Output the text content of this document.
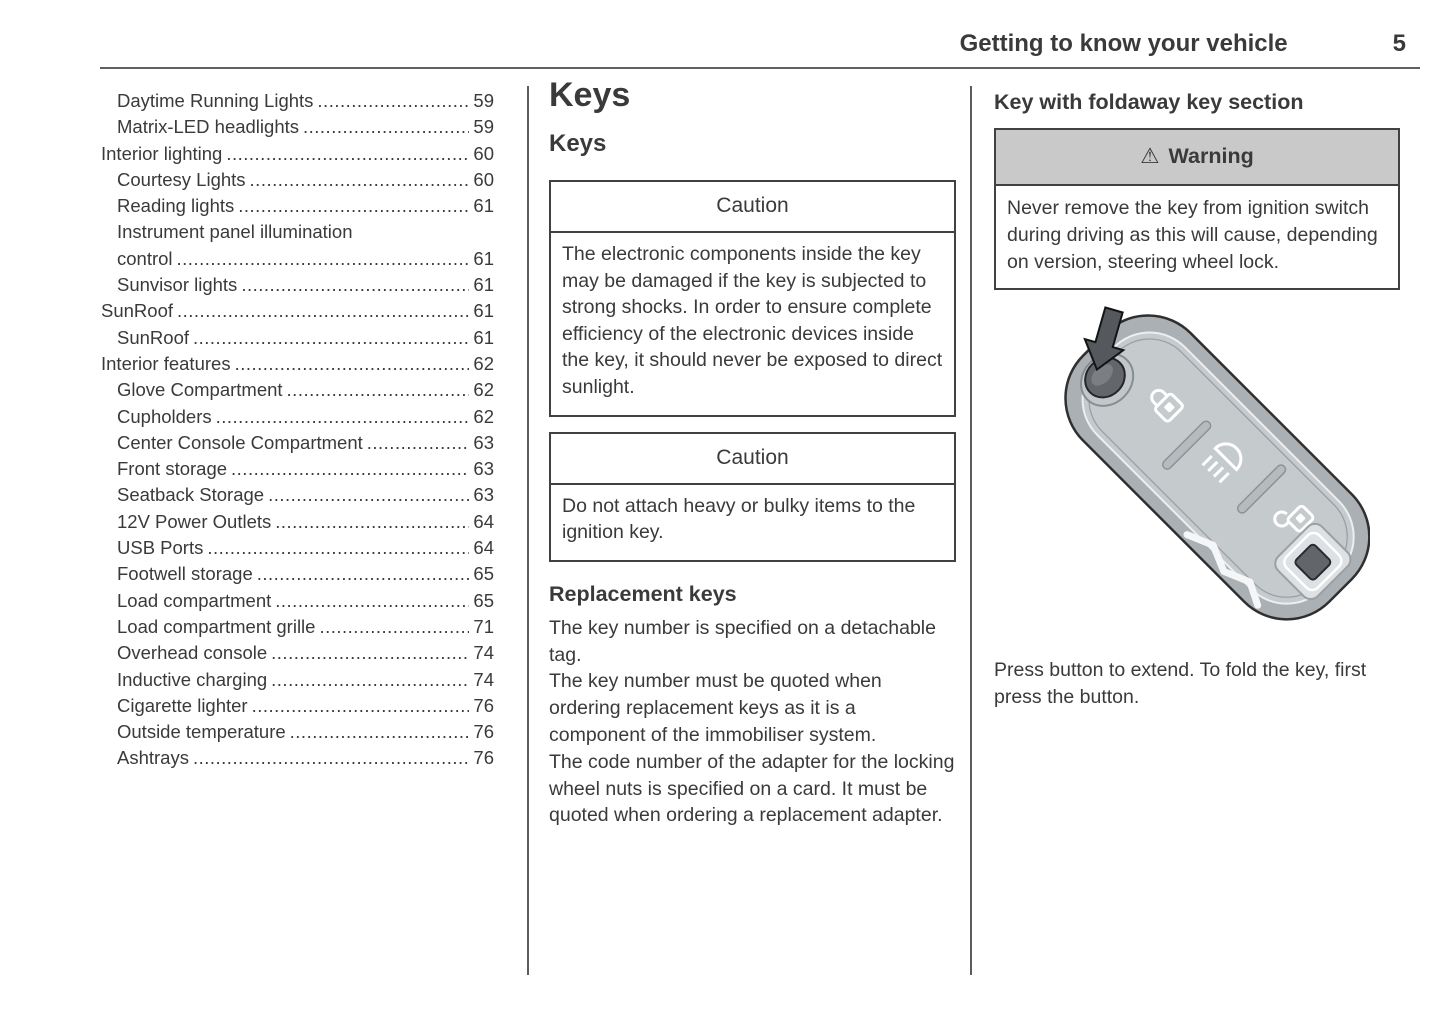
Getting to know your vehicle	5
Daytime Running Lights .....	59
Matrix-LED headlights .....	59
Interior lighting .....	60
Courtesy Lights .....	60
Reading lights .....	61
Instrument panel illumination
control .....	61
Sunvisor lights .....	61
SunRoof .....	61
SunRoof .....	61
Interior features .....	62
Glove Compartment .....	62
Cupholders .....	62
Center Console Compartment .....	63
Front storage .....	63
Seatback Storage .....	63
12V Power Outlets .....	64
USB Ports .....	64
Footwell storage .....	65
Load compartment .....	65
Load compartment grille .....	71
Overhead console .....	74
Inductive charging .....	74
Cigarette lighter .....	76
Outside temperature .....	76
Ashtrays .....	76
Keys
Keys
Caution
The electronic components inside the key may be damaged if the key is subjected to strong shocks. In order to ensure complete efficiency of the electronic devices inside the key, it should never be exposed to direct sunlight.
Caution
Do not attach heavy or bulky items to the ignition key.
Replacement keys

The key number is specified on a detachable tag.

The key number must be quoted when ordering replacement keys as it is a component of the immobiliser system.

The code number of the adapter for the locking wheel nuts is specified on a card. It must be quoted when ordering a replacement adapter.

Key with foldaway key section
⚠ Warning
Never remove the key from ignition switch during driving as this will cause, depending on version, steering wheel lock.

Press button to extend. To fold the key, first press the button.
